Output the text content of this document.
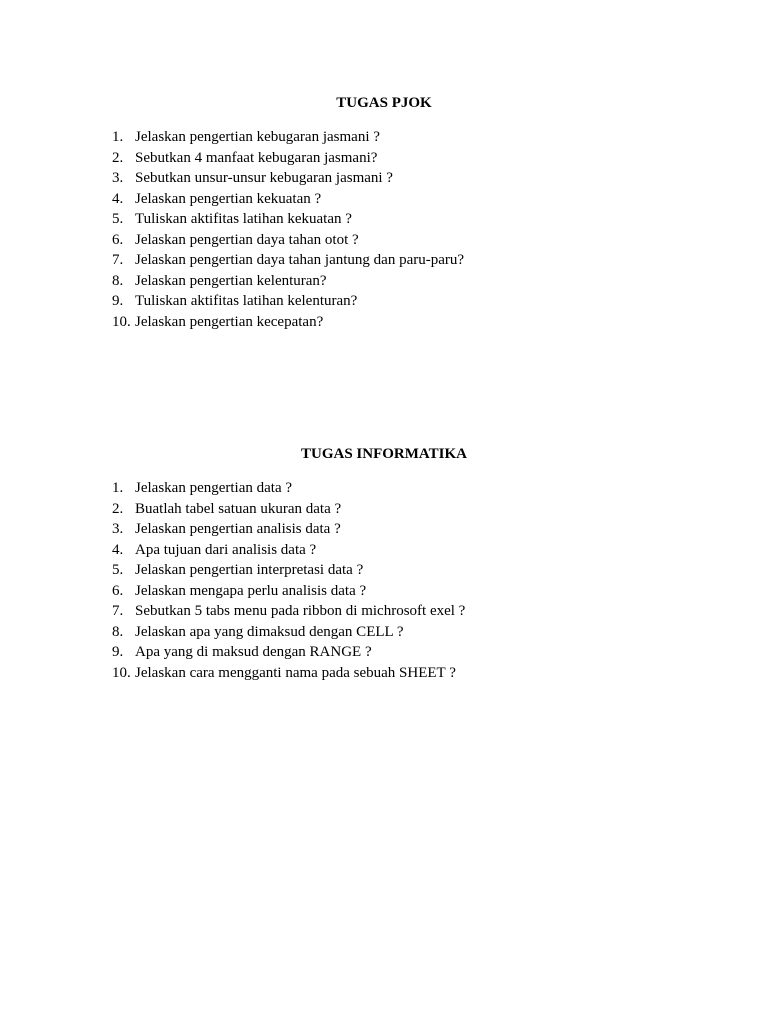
TUGAS PJOK
1. Jelaskan pengertian kebugaran jasmani ?
2. Sebutkan 4 manfaat kebugaran jasmani?
3. Sebutkan unsur-unsur kebugaran jasmani ?
4. Jelaskan pengertian kekuatan ?
5. Tuliskan aktifitas latihan kekuatan ?
6. Jelaskan pengertian daya tahan otot ?
7. Jelaskan pengertian daya tahan jantung dan paru-paru?
8. Jelaskan pengertian kelenturan?
9. Tuliskan aktifitas latihan kelenturan?
10. Jelaskan pengertian kecepatan?
TUGAS INFORMATIKA
1. Jelaskan pengertian data ?
2. Buatlah tabel satuan ukuran data ?
3. Jelaskan pengertian analisis data ?
4. Apa tujuan dari analisis data ?
5. Jelaskan pengertian interpretasi data ?
6. Jelaskan mengapa perlu analisis data ?
7. Sebutkan 5 tabs menu pada ribbon di michrosoft exel ?
8. Jelaskan apa yang dimaksud dengan CELL ?
9. Apa yang di maksud dengan RANGE ?
10. Jelaskan cara mengganti nama pada sebuah SHEET ?
